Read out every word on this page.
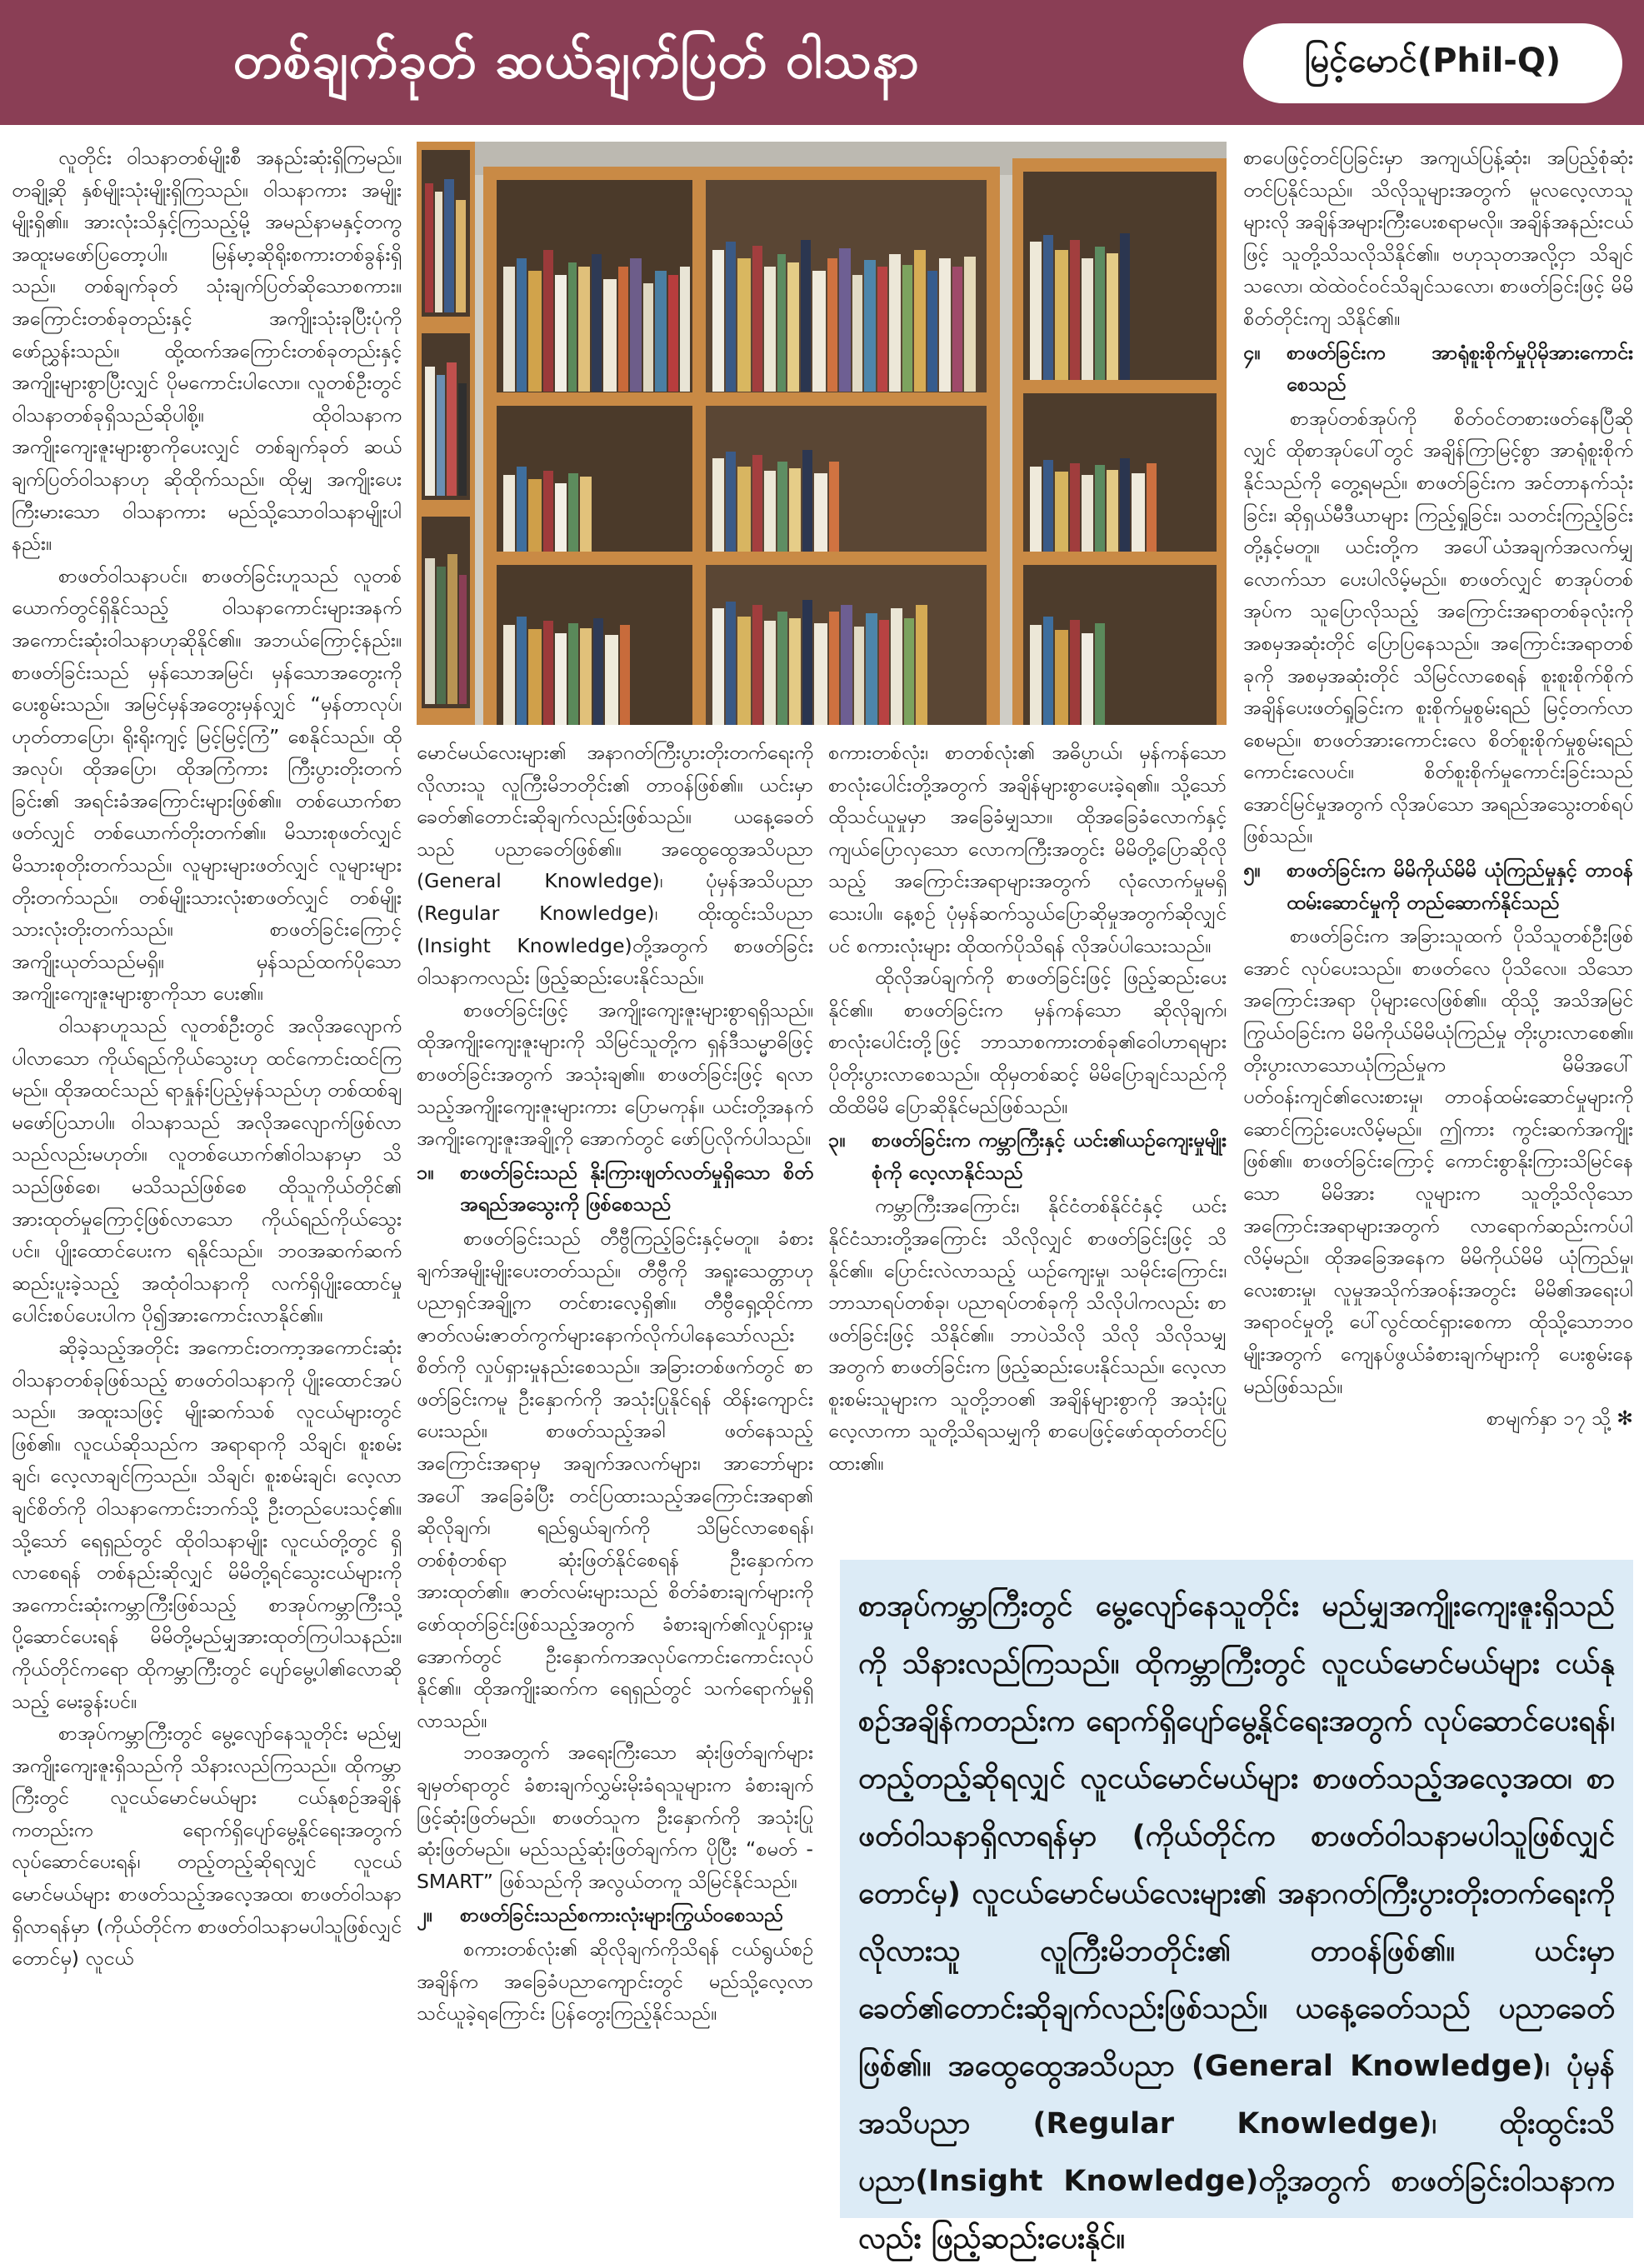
တစ်ချက်ခုတ် ဆယ်ချက်ပြတ် ဝါသနာ	မြင့်မောင်(Phil-Q)

လူတိုင်း ဝါသနာတစ်မျိုးစီ အနည်းဆုံးရှိကြမည်။ တချို့ဆို နှစ်မျိုးသုံးမျိုးရှိကြသည်။ ဝါသနာကား အမျိုးမျိုးရှိ၏။ အားလုံးသိနှင့်ကြသည့်မို့ အမည်နာမနှင့်တကွ အထူးမဖော်ပြတော့ပါ။ မြန်မာ့ဆိုရိုးစကားတစ်ခွန်းရှိသည်။ တစ်ချက်ခုတ် သုံးချက်ပြတ်ဆိုသောစကား။ အကြောင်းတစ်ခုတည်းနှင့် အကျိုးသုံးခုပြီးပုံကို ဖော်ညွှန်းသည်။ ထို့ထက်အကြောင်းတစ်ခုတည်းနှင့် အကျိုးများစွာပြီးလျှင် ပိုမကောင်းပါလော။ လူတစ်ဦးတွင် ဝါသနာတစ်ခုရှိသည်ဆိုပါစို့။ ထိုဝါသနာက အကျိုးကျေးဇူးများစွာကိုပေးလျှင် တစ်ချက်ခုတ် ဆယ်ချက်ပြတ်ဝါသနာဟု ဆိုထိုက်သည်။ ထိုမျှ အကျိုးပေးကြီးမားသော ဝါသနာကား မည်သို့သောဝါသနာမျိုးပါနည်း။

စာဖတ်ဝါသနာပင်။ စာဖတ်ခြင်းဟူသည် လူတစ်ယောက်တွင်ရှိနိုင်သည့် ဝါသနာကောင်းများအနက် အကောင်းဆုံးဝါသနာဟုဆိုနိုင်၏။ အဘယ်ကြောင့်နည်း။ စာဖတ်ခြင်းသည် မှန်သောအမြင်၊ မှန်သောအတွေးကို ပေးစွမ်းသည်။ အမြင်မှန်အတွေးမှန်လျှင် “မှန်တာလုပ်၊ ဟုတ်တာပြော၊ ရိုးရိုးကျင့် မြင့်မြင့်ကြံ” စေနိုင်သည်။ ထိုအလုပ်၊ ထိုအပြော၊ ထိုအကြံကား ကြီးပွားတိုးတက်ခြင်း၏ အရင်းခံအကြောင်းများဖြစ်၏။ တစ်ယောက်စာဖတ်လျှင် တစ်ယောက်တိုးတက်၏။ မိသားစုဖတ်လျှင် မိသားစုတိုးတက်သည်။ လူများများဖတ်လျှင် လူများများတိုးတက်သည်။ တစ်မျိုးသားလုံးစာဖတ်လျှင် တစ်မျိုးသားလုံးတိုးတက်သည်။ စာဖတ်ခြင်းကြောင့် အကျိုးယုတ်သည်မရှိ။ မှန်သည်ထက်ပိုသော အကျိုးကျေးဇူးများစွာကိုသာ ပေး၏။

ဝါသနာဟူသည် လူတစ်ဦးတွင် အလိုအလျောက်ပါလာသော ကိုယ်ရည်ကိုယ်သွေးဟု ထင်ကောင်းထင်ကြမည်။ ထိုအထင်သည် ရာနှုန်းပြည့်မှန်သည်ဟု တစ်ထစ်ချမဖော်ပြသာပါ။ ဝါသနာသည် အလိုအလျောက်ဖြစ်လာသည်လည်းမဟုတ်။ လူတစ်ယောက်၏ဝါသနာမှာ သိသည်ဖြစ်စေ၊ မသိသည်ဖြစ်စေ ထိုသူကိုယ်တိုင်၏ အားထုတ်မှုကြောင့်ဖြစ်လာသော ကိုယ်ရည်ကိုယ်သွေးပင်။ ပျိုးထောင်ပေးက ရနိုင်သည်။ ဘဝအဆက်ဆက်ဆည်းပူးခဲ့သည့် အထုံဝါသနာကို လက်ရှိပျိုးထောင်မှု ပေါင်းစပ်ပေးပါက ပို၍အားကောင်းလာနိုင်၏။

ဆိုခဲ့သည့်အတိုင်း အကောင်းတကာ့အကောင်းဆုံး ဝါသနာတစ်ခုဖြစ်သည့် စာဖတ်ဝါသနာကို ပျိုးထောင်အပ်သည်။ အထူးသဖြင့် မျိုးဆက်သစ် လူငယ်များတွင် ဖြစ်၏။ လူငယ်ဆိုသည်က အရာရာကို သိချင်၊ စူးစမ်းချင်၊ လေ့လာချင်ကြသည်။ သိချင်၊ စူးစမ်းချင်၊ လေ့လာချင်စိတ်ကို ဝါသနာကောင်းဘက်သို့ ဦးတည်ပေးသင့်၏။ သို့သော် ရေရှည်တွင် ထိုဝါသနာမျိုး လူငယ်တို့တွင် ရှိလာစေရန် တစ်နည်းဆိုလျှင် မိမိတို့ရင်သွေးငယ်များကို အကောင်းဆုံးကမ္ဘာကြီးဖြစ်သည့် စာအုပ်ကမ္ဘာကြီးသို့ ပို့ဆောင်ပေးရန် မိမိတို့မည်မျှအားထုတ်ကြပါသနည်း။ ကိုယ်တိုင်ကရော ထိုကမ္ဘာကြီးတွင် ပျော်မွေ့ပါ၏လောဆိုသည့် မေးခွန်းပင်။

စာအုပ်ကမ္ဘာကြီးတွင် မွေ့လျော်နေသူတိုင်း မည်မျှအကျိုးကျေးဇူးရှိသည်ကို သိနားလည်ကြသည်။ ထိုကမ္ဘာကြီးတွင် လူငယ်မောင်မယ်များ ငယ်နုစဉ်အချိန်ကတည်းက ရောက်ရှိပျော်မွေ့နိုင်ရေးအတွက် လုပ်ဆောင်ပေးရန်၊ တည့်တည့်ဆိုရလျှင် လူငယ်မောင်မယ်များ စာဖတ်သည့်အလေ့အထ၊ စာဖတ်ဝါသနာရှိလာရန်မှာ (ကိုယ်တိုင်က စာဖတ်ဝါသနာမပါသူဖြစ်လျှင်တောင်မှ) လူငယ်

မောင်မယ်လေးများ၏ အနာဂတ်ကြီးပွားတိုးတက်ရေးကို လိုလားသူ လူကြီးမိဘတိုင်း၏ တာဝန်ဖြစ်၏။ ယင်းမှာခေတ်၏တောင်းဆိုချက်လည်းဖြစ်သည်။ ယနေ့ခေတ်သည် ပညာခေတ်ဖြစ်၏။ အထွေထွေအသိပညာ (General Knowledge)၊ ပုံမှန်အသိပညာ (Regular Knowledge)၊ ထိုးထွင်းသိပညာ (Insight Knowledge)တို့အတွက် စာဖတ်ခြင်းဝါသနာကလည်း ဖြည့်ဆည်းပေးနိုင်သည်။

စာဖတ်ခြင်းဖြင့် အကျိုးကျေးဇူးများစွာရရှိသည်။ ထိုအကျိုးကျေးဇူးများကို သိမြင်သူတို့က ရှန်ဒီသမ္မာဓိဖြင့် စာဖတ်ခြင်းအတွက် အသုံးချ၏။ စာဖတ်ခြင်းဖြင့် ရလာသည့်အကျိုးကျေးဇူးများကား ပြောမကုန်။ ယင်းတို့အနက် အကျိုးကျေးဇူးအချို့ကို အောက်တွင် ဖော်ပြလိုက်ပါသည်။

၁။ စာဖတ်ခြင်းသည် နိုးကြားဖျတ်လတ်မှုရှိသော စိတ်အရည်အသွေးကို ဖြစ်စေသည်

စာဖတ်ခြင်းသည် တီဗွီကြည့်ခြင်းနှင့်မတူ။ ခံစားချက်အမျိုးမျိုးပေးတတ်သည်။ တီဗွီကို အရူးသေတ္တာဟု ပညာရှင်အချို့က တင်စားလေ့ရှိ၏။ တီဗွီရှေ့ထိုင်ကာ ဇာတ်လမ်းဇာတ်ကွက်များနောက်လိုက်ပါနေသော်လည်း စိတ်ကို လှုပ်ရှားမှုနည်းစေသည်။ အခြားတစ်ဖက်တွင် စာဖတ်ခြင်းကမူ ဦးနှောက်ကို အသုံးပြုနိုင်ရန် ထိန်းကျောင်းပေးသည်။ စာဖတ်သည့်အခါ ဖတ်နေသည့်အကြောင်းအရာမှ အချက်အလက်များ၊ အာဘော်များအပေါ် အခြေခံပြီး တင်ပြထားသည့်အကြောင်းအရာ၏ ဆိုလိုချက်၊ ရည်ရွယ်ချက်ကို သိမြင်လာစေရန်၊ တစ်စုံတစ်ရာ ဆုံးဖြတ်နိုင်စေရန် ဦးနှောက်ကအားထုတ်၏။ ဇာတ်လမ်းများသည် စိတ်ခံစားချက်များကို ဖော်ထုတ်ခြင်းဖြစ်သည့်အတွက် ခံစားချက်၏လှုပ်ရှားမှုအောက်တွင် ဦးနှောက်ကအလုပ်ကောင်းကောင်းလုပ်နိုင်၏။ ထိုအကျိုးဆက်က ရေရှည်တွင် သက်ရောက်မှုရှိလာသည်။

ဘဝအတွက် အရေးကြီးသော ဆုံးဖြတ်ချက်များချမှတ်ရာတွင် ခံစားချက်လွှမ်းမိုးခံရသူများက ခံစားချက်ဖြင့်ဆုံးဖြတ်မည်။ စာဖတ်သူက ဦးနှောက်ကို အသုံးပြုဆုံးဖြတ်မည်။ မည်သည့်ဆုံးဖြတ်ချက်က ပိုပြီး “စမတ် - SMART” ဖြစ်သည်ကို အလွယ်တကူ သိမြင်နိုင်သည်။

၂။ စာဖတ်ခြင်းသည်စကားလုံးများကြွယ်ဝစေသည်

စကားတစ်လုံး၏ ဆိုလိုချက်ကိုသိရန် ငယ်ရွယ်စဉ်အချိန်က အခြေခံပညာကျောင်းတွင် မည်သို့လေ့လာသင်ယူခဲ့ရကြောင်း ပြန်တွေးကြည့်နိုင်သည်။

စကားတစ်လုံး၊ စာတစ်လုံး၏ အဓိပ္ပာယ်၊ မှန်ကန်သော စာလုံးပေါင်းတို့အတွက် အချိန်များစွာပေးခဲ့ရ၏။ သို့သော် ထိုသင်ယူမှုမှာ အခြေခံမျှသာ။ ထိုအခြေခံလောက်နှင့် ကျယ်ပြောလှသော လောကကြီးအတွင်း မိမိတို့ပြောဆိုလိုသည့် အကြောင်းအရာများအတွက် လုံလောက်မှုမရှိသေးပါ။ နေ့စဉ် ပုံမှန်ဆက်သွယ်ပြောဆိုမှုအတွက်ဆိုလျှင်ပင် စကားလုံးများ ထိုထက်ပိုသိရန် လိုအပ်ပါသေးသည်။

ထိုလိုအပ်ချက်ကို စာဖတ်ခြင်းဖြင့် ဖြည့်ဆည်းပေးနိုင်၏။ စာဖတ်ခြင်းက မှန်ကန်သော ဆိုလိုချက်၊ စာလုံးပေါင်းတို့ဖြင့် ဘာသာစကားတစ်ခု၏ဝေါဟာရများ ပိုတိုးပွားလာစေသည်။ ထိုမှတစ်ဆင့် မိမိပြောချင်သည်ကို ထိထိမိမိ ပြောဆိုနိုင်မည်ဖြစ်သည်။

၃။ စာဖတ်ခြင်းက ကမ္ဘာကြီးနှင့် ယင်း၏ယဉ်ကျေးမှုမျိုးစုံကို လေ့လာနိုင်သည်

ကမ္ဘာကြီးအကြောင်း၊ နိုင်ငံတစ်နိုင်ငံနှင့် ယင်းနိုင်ငံသားတို့အကြောင်း သိလိုလျှင် စာဖတ်ခြင်းဖြင့် သိနိုင်၏။ ပြောင်းလဲလာသည့် ယဉ်ကျေးမှု၊ သမိုင်းကြောင်း၊ ဘာသာရပ်တစ်ခု၊ ပညာရပ်တစ်ခုကို သိလိုပါကလည်း စာဖတ်ခြင်းဖြင့် သိနိုင်၏။ ဘာပဲသိလို သိလို သိလိုသမျှအတွက် စာဖတ်ခြင်းက ဖြည့်ဆည်းပေးနိုင်သည်။ လေ့လာစူးစမ်းသူများက သူတို့ဘဝ၏ အချိန်များစွာကို အသုံးပြုလေ့လာကာ သူတို့သိရသမျှကို စာပေဖြင့်ဖော်ထုတ်တင်ပြထား၏။

စာပေဖြင့်တင်ပြခြင်းမှာ အကျယ်ပြန့်ဆုံး၊ အပြည့်စုံဆုံးတင်ပြနိုင်သည်။ သိလိုသူများအတွက် မူလလေ့လာသူများလို အချိန်အများကြီးပေးစရာမလို။ အချိန်အနည်းငယ်ဖြင့် သူတို့သိသလိုသိနိုင်၏။ ဗဟုသုတအလို့ငှာ သိချင်သလော၊ ထဲထဲဝင်ဝင်သိချင်သလော၊ စာဖတ်ခြင်းဖြင့် မိမိစိတ်တိုင်းကျ သိနိုင်၏။

၄။ စာဖတ်ခြင်းက အာရုံစူးစိုက်မှုပိုမိုအားကောင်းစေသည်

စာအုပ်တစ်အုပ်ကို စိတ်ဝင်တစားဖတ်နေပြီဆိုလျှင် ထိုစာအုပ်ပေါ်တွင် အချိန်ကြာမြင့်စွာ အာရုံစူးစိုက်နိုင်သည်ကို တွေ့ရမည်။ စာဖတ်ခြင်းက အင်တာနက်သုံးခြင်း၊ ဆိုရှယ်မီဒီယာများ ကြည့်ရှုခြင်း၊ သတင်းကြည့်ခြင်းတို့နှင့်မတူ။ ယင်းတို့က အပေါ်ယံအချက်အလက်မျှလောက်သာ ပေးပါလိမ့်မည်။ စာဖတ်လျှင် စာအုပ်တစ်အုပ်က သူပြောလိုသည့် အကြောင်းအရာတစ်ခုလုံးကို အစမှအဆုံးတိုင် ပြောပြနေသည်။ အကြောင်းအရာတစ်ခုကို အစမှအဆုံးတိုင် သိမြင်လာစေရန် စူးစူးစိုက်စိုက် အချိန်ပေးဖတ်ရှုခြင်းက စူးစိုက်မှုစွမ်းရည် မြင့်တက်လာစေမည်။ စာဖတ်အားကောင်းလေ စိတ်စူးစိုက်မှုစွမ်းရည်ကောင်းလေပင်။ စိတ်စူးစိုက်မှုကောင်းခြင်းသည် အောင်မြင်မှုအတွက် လိုအပ်သော အရည်အသွေးတစ်ရပ် ဖြစ်သည်။

၅။ စာဖတ်ခြင်းက မိမိကိုယ်မိမိ ယုံကြည်မှုနှင့် တာဝန်ထမ်းဆောင်မှုကို တည်ဆောက်နိုင်သည်

စာဖတ်ခြင်းက အခြားသူထက် ပိုသိသူတစ်ဦးဖြစ်အောင် လုပ်ပေးသည်။ စာဖတ်လေ ပိုသိလေ။ သိသောအကြောင်းအရာ ပိုများလေဖြစ်၏။ ထိုသို့ အသိအမြင်ကြွယ်ဝခြင်းက မိမိကိုယ်မိမိယုံကြည်မှု တိုးပွားလာစေ၏။ တိုးပွားလာသောယုံကြည်မှုက မိမိအပေါ် ပတ်ဝန်းကျင်၏လေးစားမှု၊ တာဝန်ထမ်းဆောင်မှုများကို ဆောင်ကြဉ်းပေးလိမ့်မည်။ ဤကား ကွင်းဆက်အကျိုးဖြစ်၏။ စာဖတ်ခြင်းကြောင့် ကောင်းစွာနိုးကြားသိမြင်နေသော မိမိအား လူများက သူတို့သိလိုသော အကြောင်းအရာများအတွက် လာရောက်ဆည်းကပ်ပါလိမ့်မည်။ ထိုအခြေအနေက မိမိကိုယ်မိမိ ယုံကြည်မှု၊ လေးစားမှု၊ လူမှုအသိုက်အဝန်းအတွင်း မိမိ၏အရေးပါ အရာဝင်မှုတို့ ပေါ်လွင်ထင်ရှားစေကာ ထိုသို့သောဘဝမျိုးအတွက် ကျေနပ်ဖွယ်ခံစားချက်များကို ပေးစွမ်းနေမည်ဖြစ်သည်။

စာမျက်နှာ ၁၇ သို့ ✻

စာအုပ်ကမ္ဘာကြီးတွင် မွေ့လျော်နေသူတိုင်း မည်မျှအကျိုးကျေးဇူးရှိသည်ကို သိနားလည်ကြသည်။ ထိုကမ္ဘာကြီးတွင် လူငယ်မောင်မယ်များ ငယ်နုစဉ်အချိန်ကတည်းက ရောက်ရှိပျော်မွေ့နိုင်ရေးအတွက် လုပ်ဆောင်ပေးရန်၊ တည့်တည့်ဆိုရလျှင် လူငယ်မောင်မယ်များ စာဖတ်သည့်အလေ့အထ၊ စာဖတ်ဝါသနာရှိလာရန်မှာ (ကိုယ်တိုင်က စာဖတ်ဝါသနာမပါသူဖြစ်လျှင်တောင်မှ) လူငယ်မောင်မယ်လေးများ၏ အနာဂတ်ကြီးပွားတိုးတက်ရေးကို လိုလားသူ လူကြီးမိဘတိုင်း၏ တာဝန်ဖြစ်၏။ ယင်းမှာ ခေတ်၏တောင်းဆိုချက်လည်းဖြစ်သည်။ ယနေ့ခေတ်သည် ပညာခေတ်ဖြစ်၏။ အထွေထွေအသိပညာ (General Knowledge)၊ ပုံမှန်အသိပညာ (Regular Knowledge)၊ ထိုးထွင်းသိပညာ(Insight Knowledge)တို့အတွက် စာဖတ်ခြင်းဝါသနာကလည်း ဖြည့်ဆည်းပေးနိုင်။
